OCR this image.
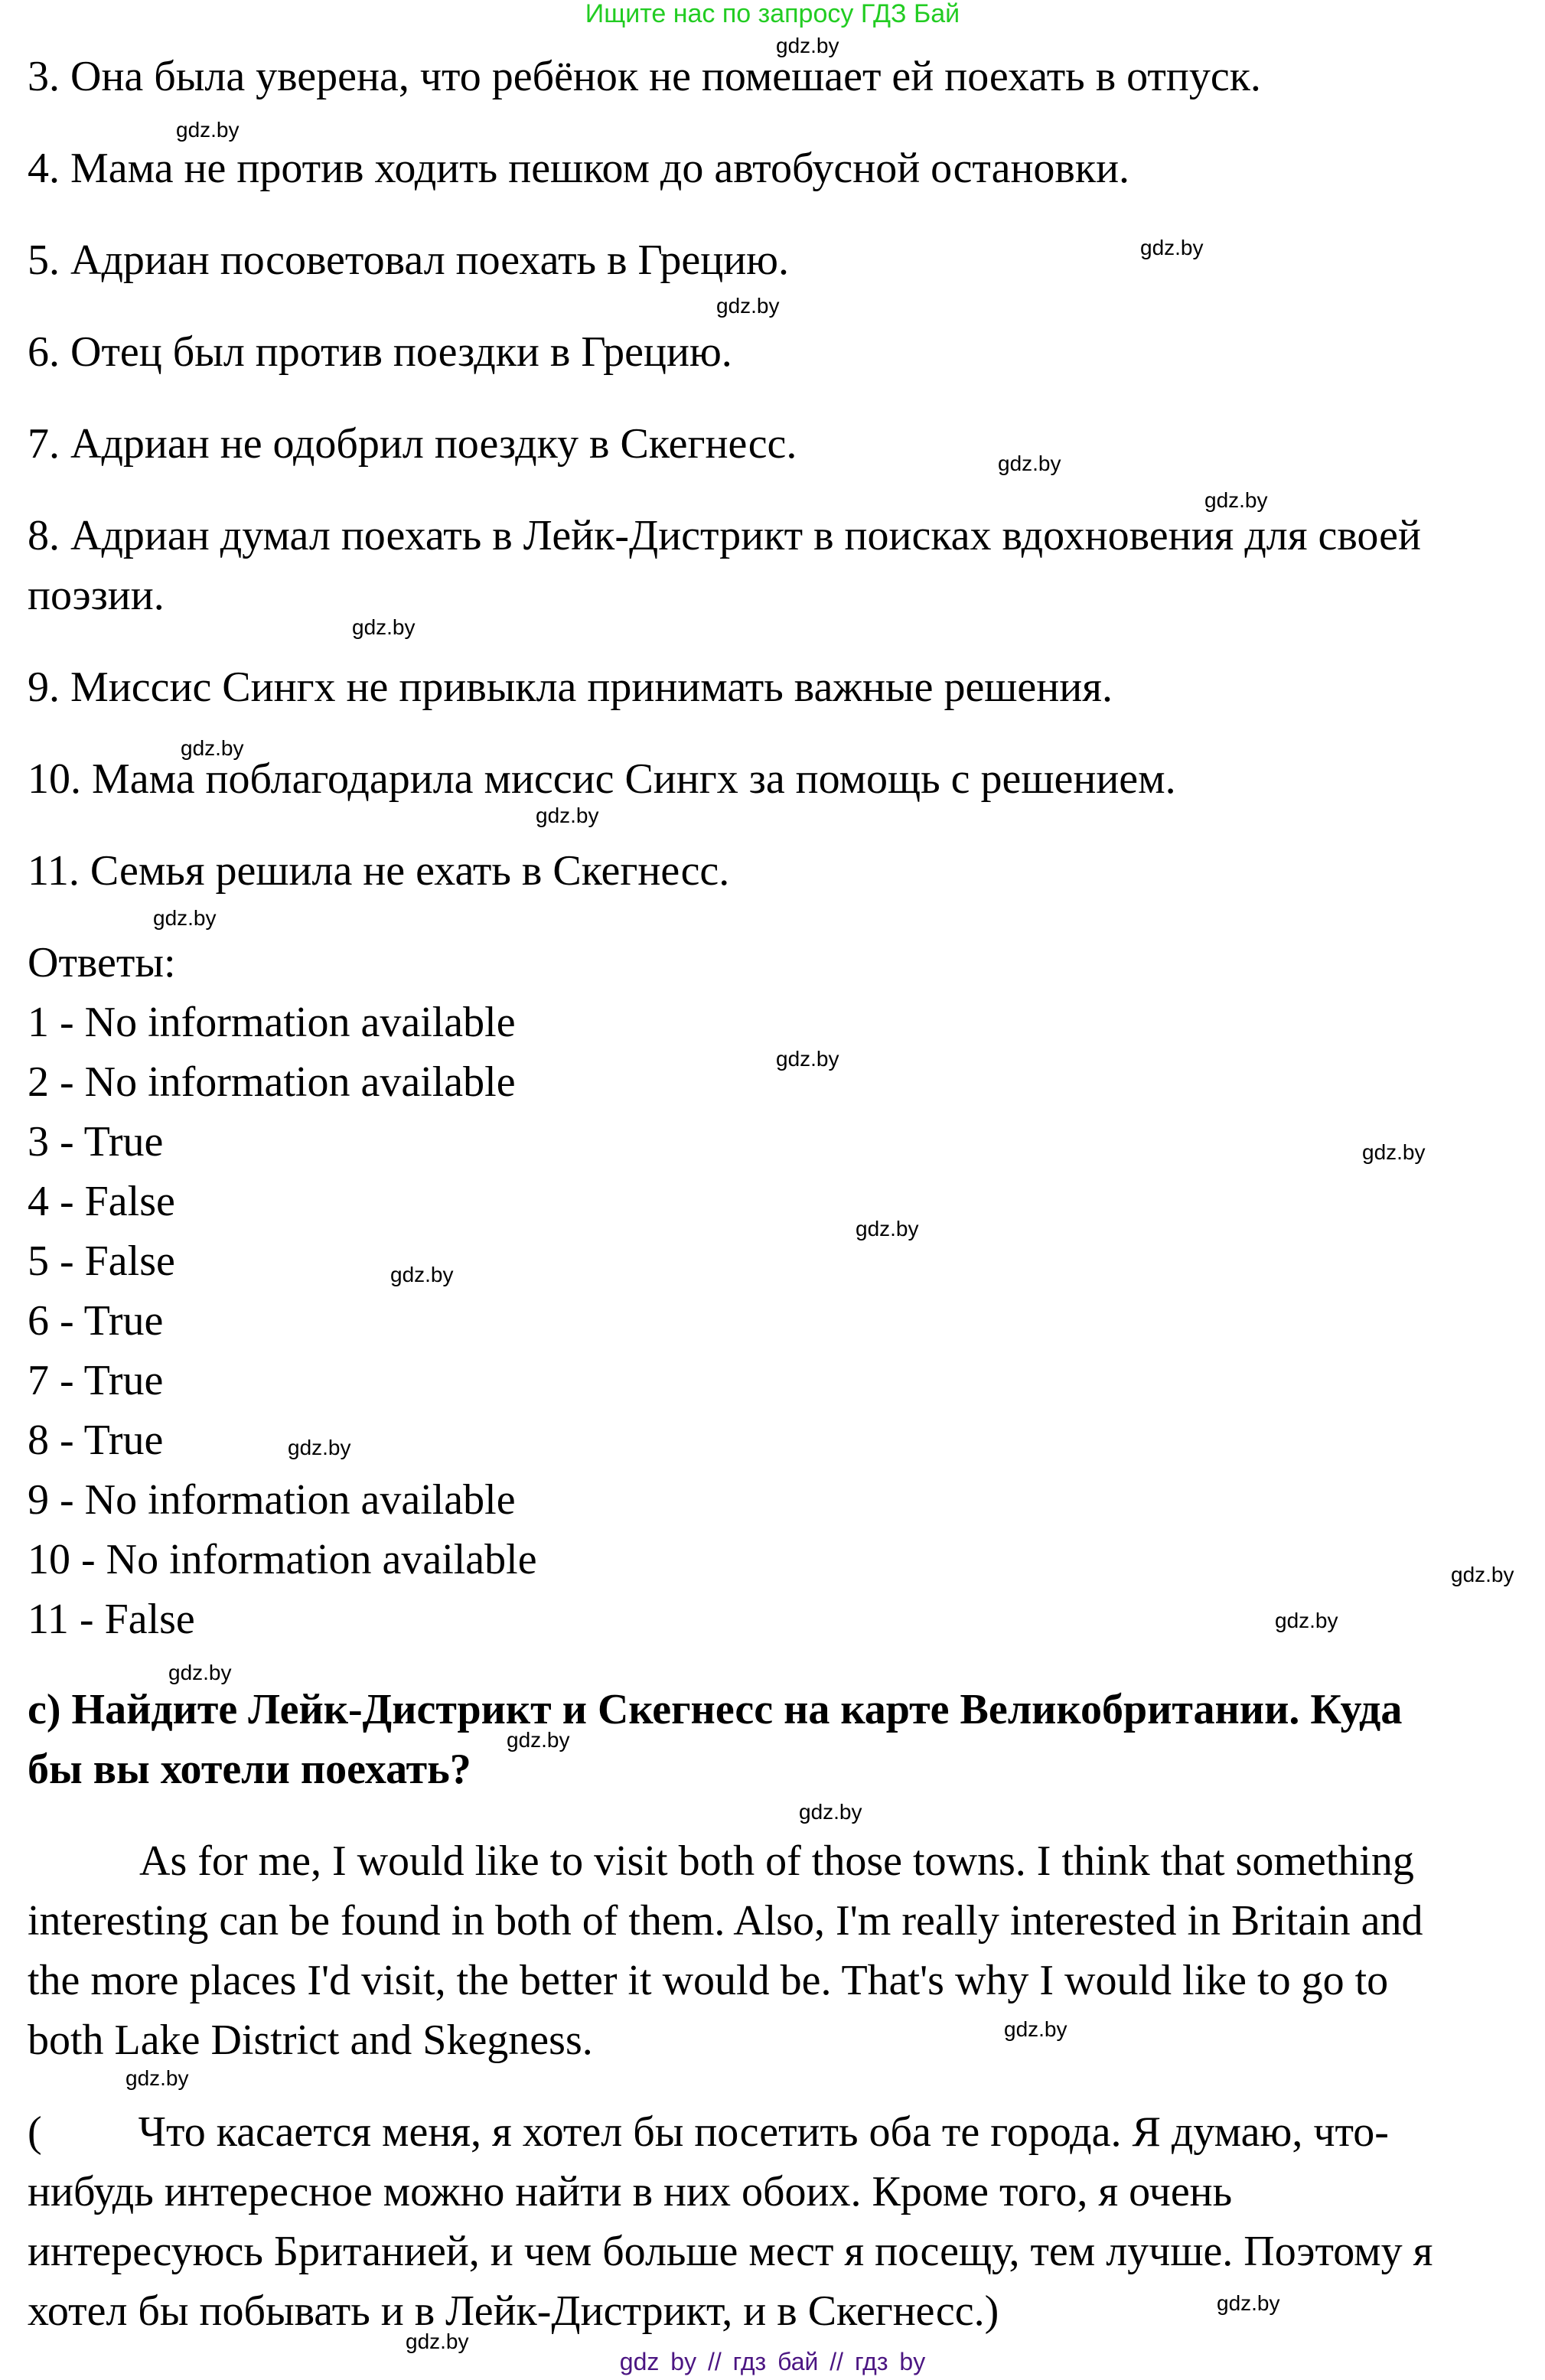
Ищите нас по запросу ГДЗ Бай
3. Она была уверена, что ребёнок не помешает ей поехать в отпуск.
4. Мама не против ходить пешком до автобусной остановки.
5. Адриан посоветовал поехать в Грецию.
6. Отец был против поездки в Грецию.
7. Адриан не одобрил поездку в Скегнесс.
8. Адриан думал поехать в Лейк-Дистрикт в поисках вдохновения для своей
поэзии.
9. Миссис Сингх не привыкла принимать важные решения.
10. Мама поблагодарила миссис Сингх за помощь с решением.
11. Семья решила не ехать в Скегнесс.
Ответы:
1 - No information available
2 - No information available
3 - True
4 - False
5 - False
6 - True
7 - True
8 - True
9 - No information available
10 - No information available
11 - False
c) Найдите Лейк-Дистрикт и Скегнесс на карте Великобритании. Куда
бы вы хотели поехать?
As for me, I would like to visit both of those towns. I think that something
interesting can be found in both of them. Also, I'm really interested in Britain and
the more places I'd visit, the better it would be. That's why I would like to go to
both Lake District and Skegness.
( Что касается меня, я хотел бы посетить оба те города. Я думаю, что-
нибудь интересное можно найти в них обоих. Кроме того, я очень
интересуюсь Британией, и чем больше мест я посещу, тем лучше. Поэтому я
хотел бы побывать и в Лейк-Дистрикт, и в Скегнесс.)
gdz.by
gdz.by
gdz.by
gdz.by
gdz.by
gdz.by
gdz.by
gdz.by
gdz.by
gdz.by
gdz.by
gdz.by
gdz.by
gdz.by
gdz.by
gdz.by
gdz.by
gdz.by
gdz.by
gdz.by
gdz.by
gdz.by
gdz.by
gdz.by
gdz by // гдз бай // гдз by
